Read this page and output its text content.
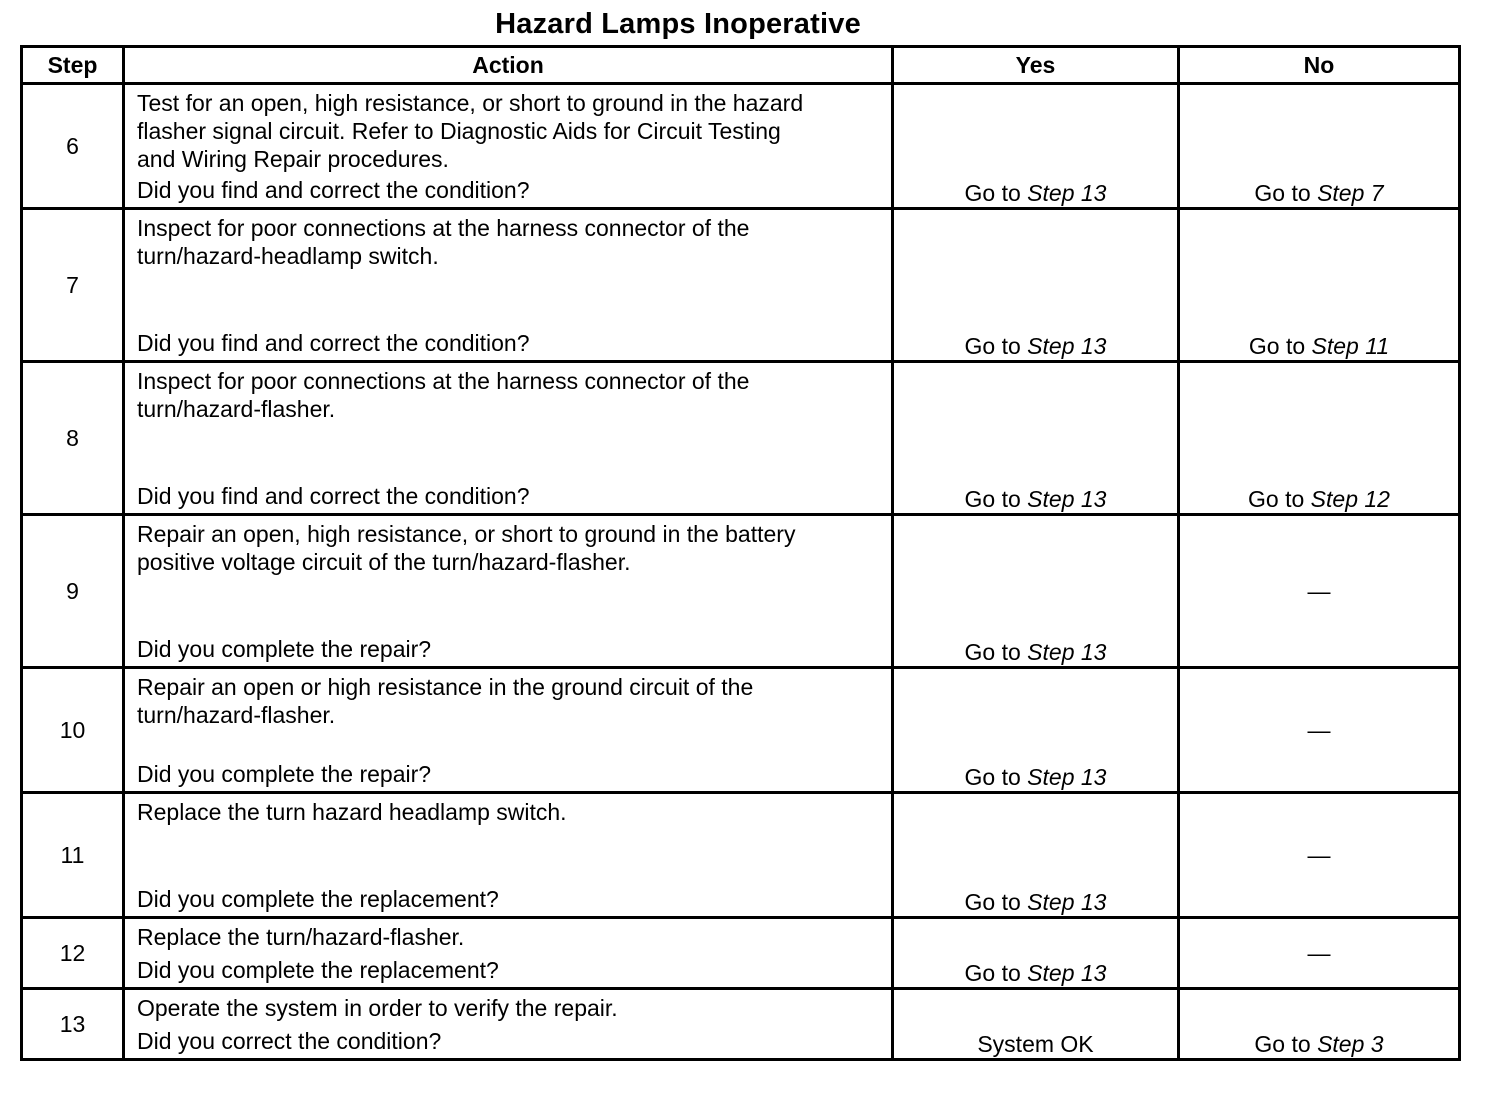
Hazard Lamps Inoperative
Step	Action	Yes	No
6	Test for an open, high resistance, or short to ground in the hazard
flasher signal circuit. Refer to Diagnostic Aids for Circuit Testing
and Wiring Repair procedures.
Did you find and correct the condition?	Go to Step 13	Go to Step 7
7	Inspect for poor connections at the harness connector of the
turn/hazard-headlamp switch.
Did you find and correct the condition?	Go to Step 13	Go to Step 11
8	Inspect for poor connections at the harness connector of the
turn/hazard-flasher.
Did you find and correct the condition?	Go to Step 13	Go to Step 12
9	Repair an open, high resistance, or short to ground in the battery
positive voltage circuit of the turn/hazard-flasher.
Did you complete the repair?	Go to Step 13	—
10	Repair an open or high resistance in the ground circuit of the
turn/hazard-flasher.
Did you complete the repair?	Go to Step 13	—
11	Replace the turn hazard headlamp switch.
Did you complete the replacement?	Go to Step 13	—
12	Replace the turn/hazard-flasher.
Did you complete the replacement?	Go to Step 13	—
13	Operate the system in order to verify the repair.
Did you correct the condition?	System OK	Go to Step 3
